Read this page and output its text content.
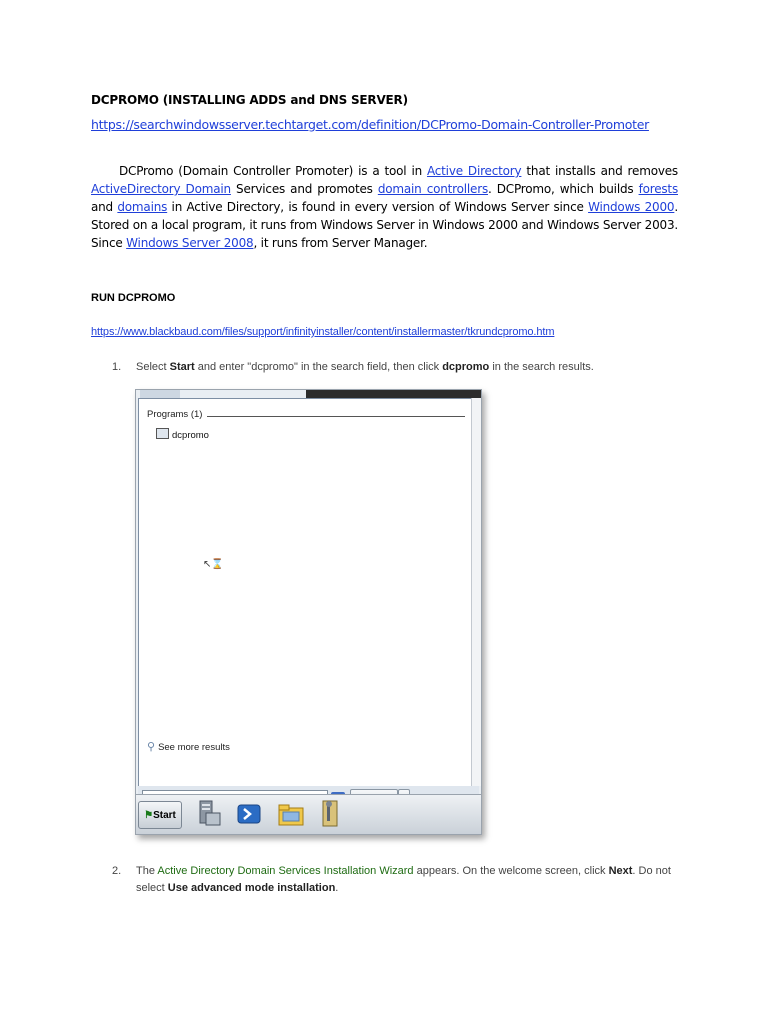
DCPROMO (INSTALLING ADDS and DNS SERVER)
https://searchwindowsserver.techtarget.com/definition/DCPromo-Domain-Controller-Promoter

DCPromo (Domain Controller Promoter) is a tool in Active Directory that installs and removes ActiveDirectory Domain Services and promotes domain controllers. DCPromo, which builds forests and domains in Active Directory, is found in every version of Windows Server since Windows 2000. Stored on a local program, it runs from Windows Server in Windows 2000 and Windows Server 2003. Since Windows Server 2008, it runs from Server Manager.

RUN DCPROMO
https://www.blackbaud.com/files/support/infinityinstaller/content/installermaster/tkrundcpromo.htm
1. Select Start and enter "dcpromo" in the search field, then click dcpromo in the search results.
Programs (1)
dcpromo
↖⌛
⚲ See more results
⚑Start
2. The Active Directory Domain Services Installation Wizard appears. On the welcome screen, click Next. Do not select Use advanced mode installation.
